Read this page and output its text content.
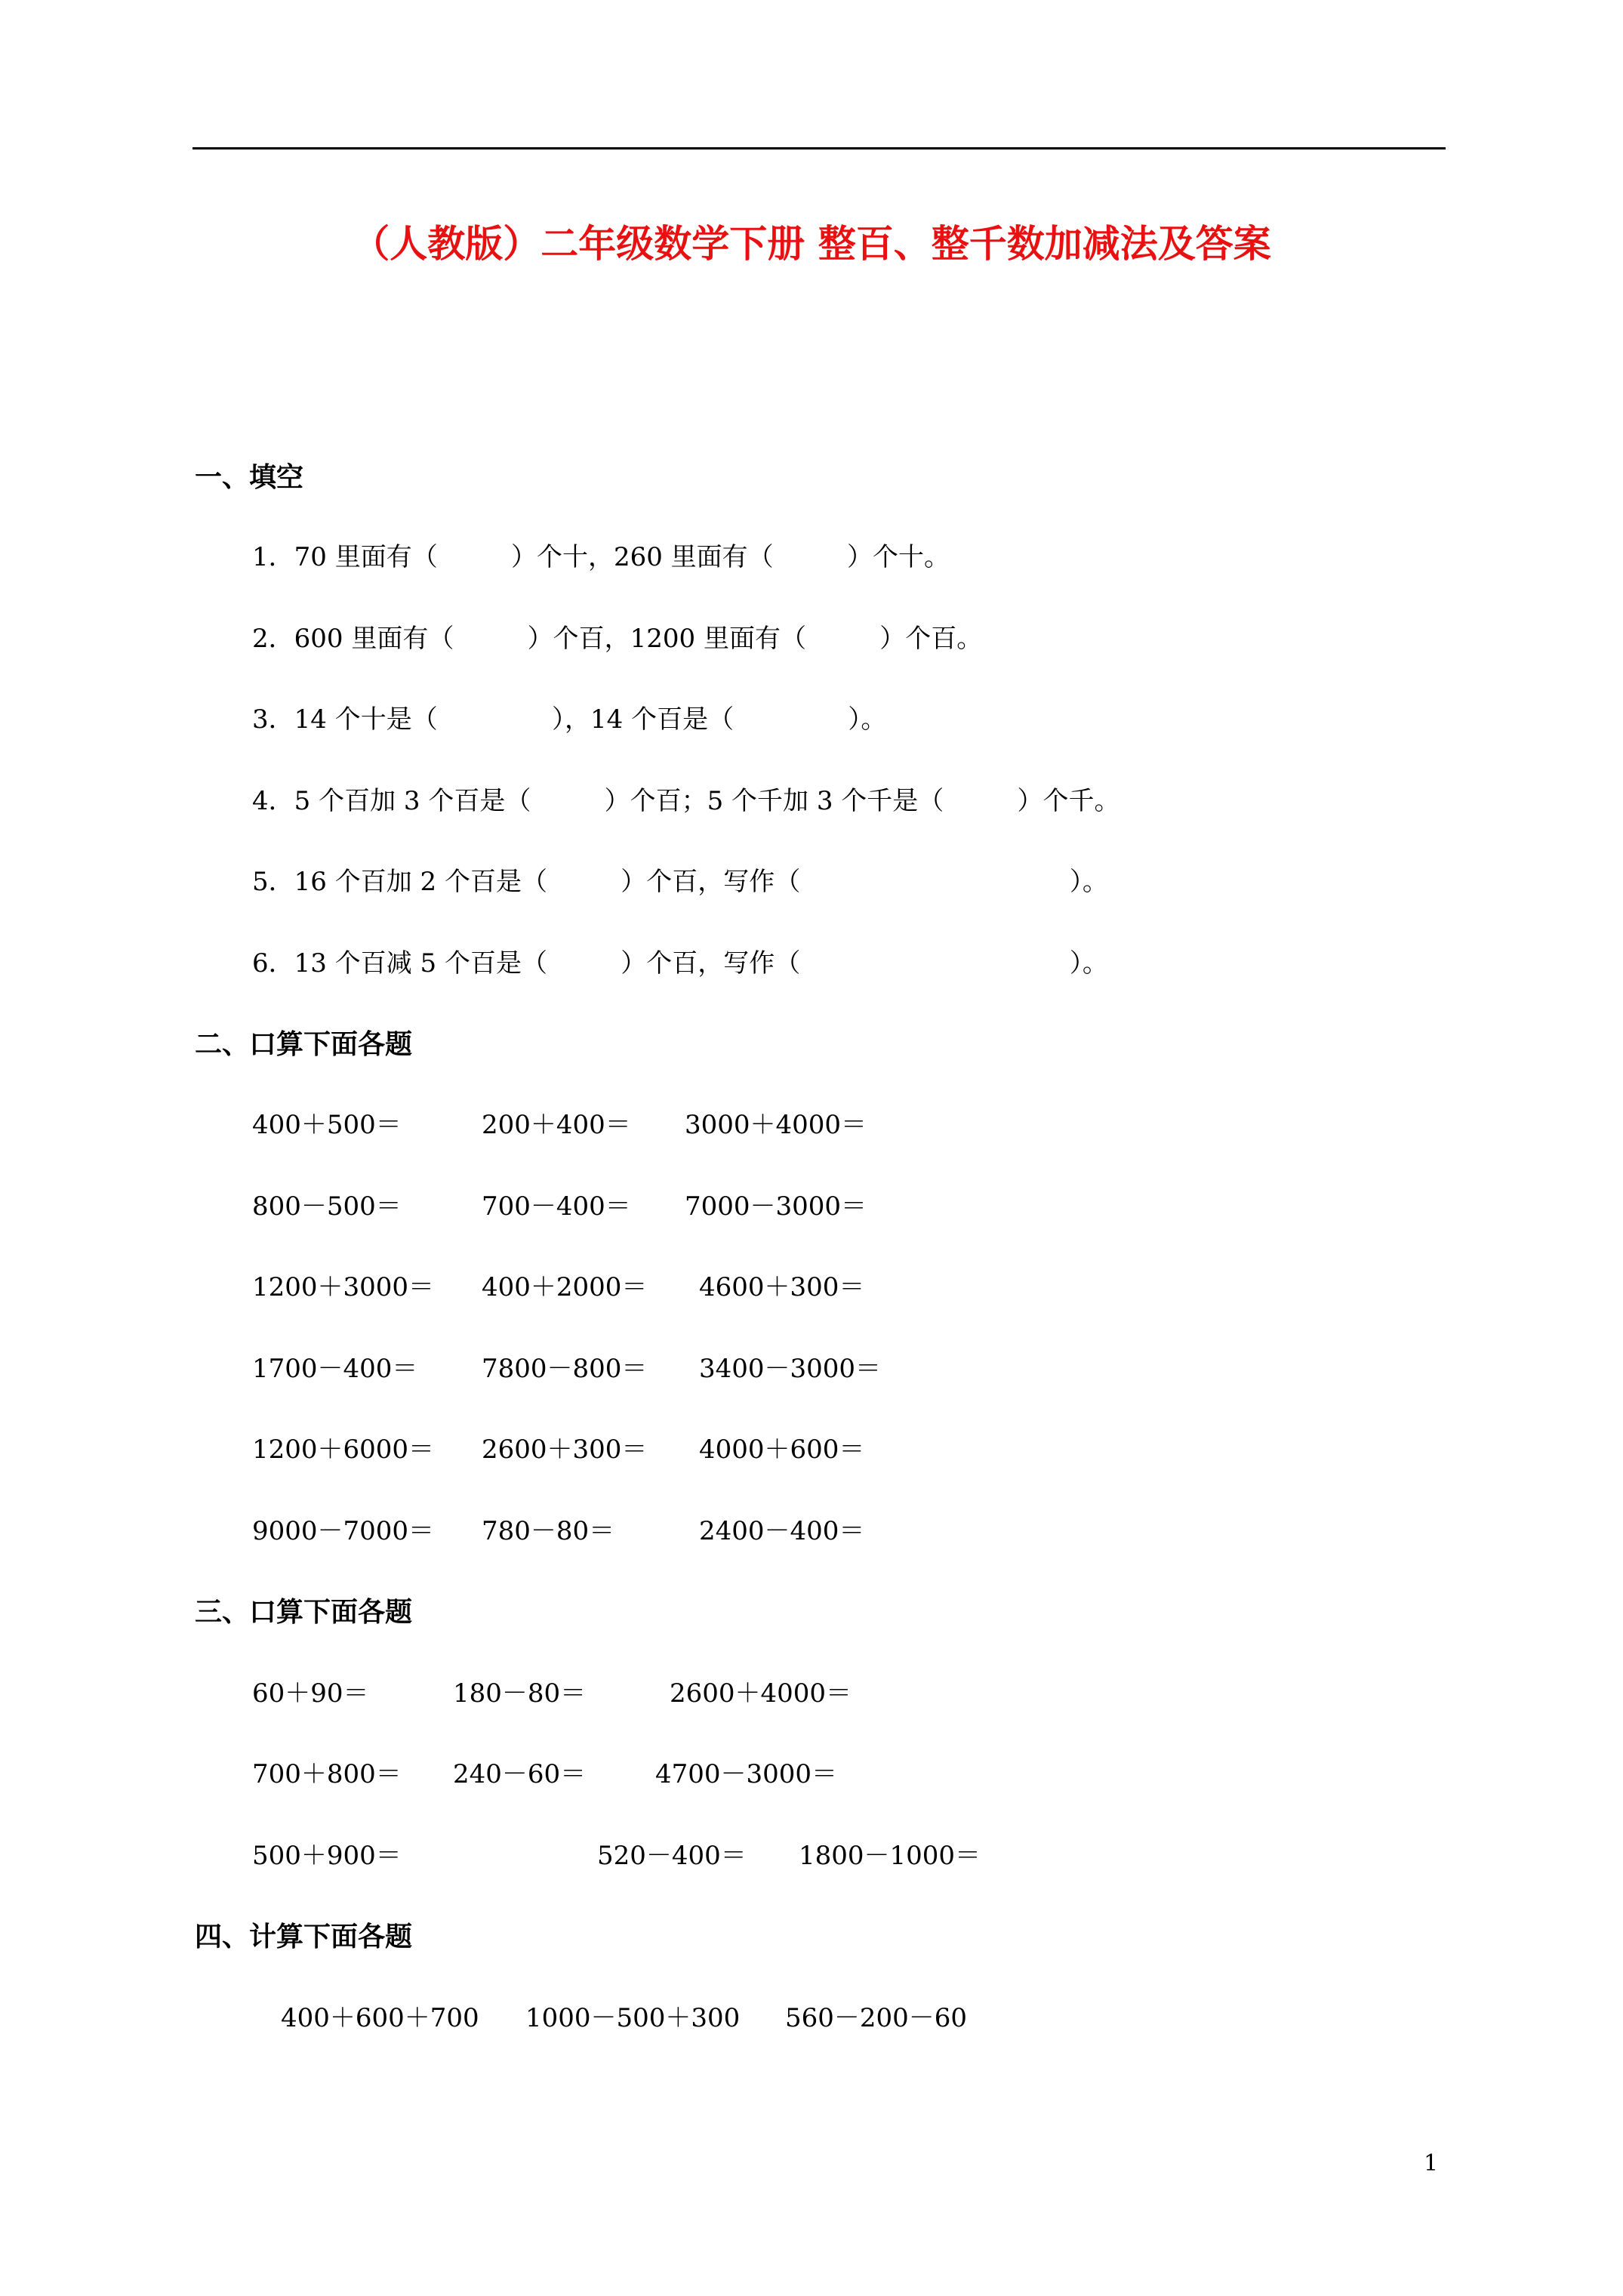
（人教版）二年级数学下册 整百、整千数加减法及答案
一、填空
1．70 里面有（         ）个十，260 里面有（         ）个十。
2．600 里面有（         ）个百，1200 里面有（         ）个百。
3．14 个十是（              ），14 个百是（              ）。
4．5 个百加 3 个百是（         ）个百；5 个千加 3 个千是（         ）个千。
5．16 个百加 2 个百是（         ）个百，写作（                                 ）。
6．13 个百减 5 个百是（         ）个百，写作（                                 ）。
二、口算下面各题
400＋500＝	200＋400＝ 3000＋4000＝
800－500＝	700－400＝ 7000－3000＝
1200＋3000＝ 400＋2000＝ 4600＋300＝
1700－400＝ 7800－800＝ 3400－3000＝
1200＋6000＝ 2600＋300＝ 4000＋600＝
9000－7000＝ 780－80＝	2400－400＝
三、口算下面各题
60＋90＝	180－80＝	2600＋4000＝
700＋800＝ 240－60＝	4700－3000＝
500＋900＝	520－400＝ 1800－1000＝
四、计算下面各题
400＋600＋700 1000－500＋300 560－200－60
1
